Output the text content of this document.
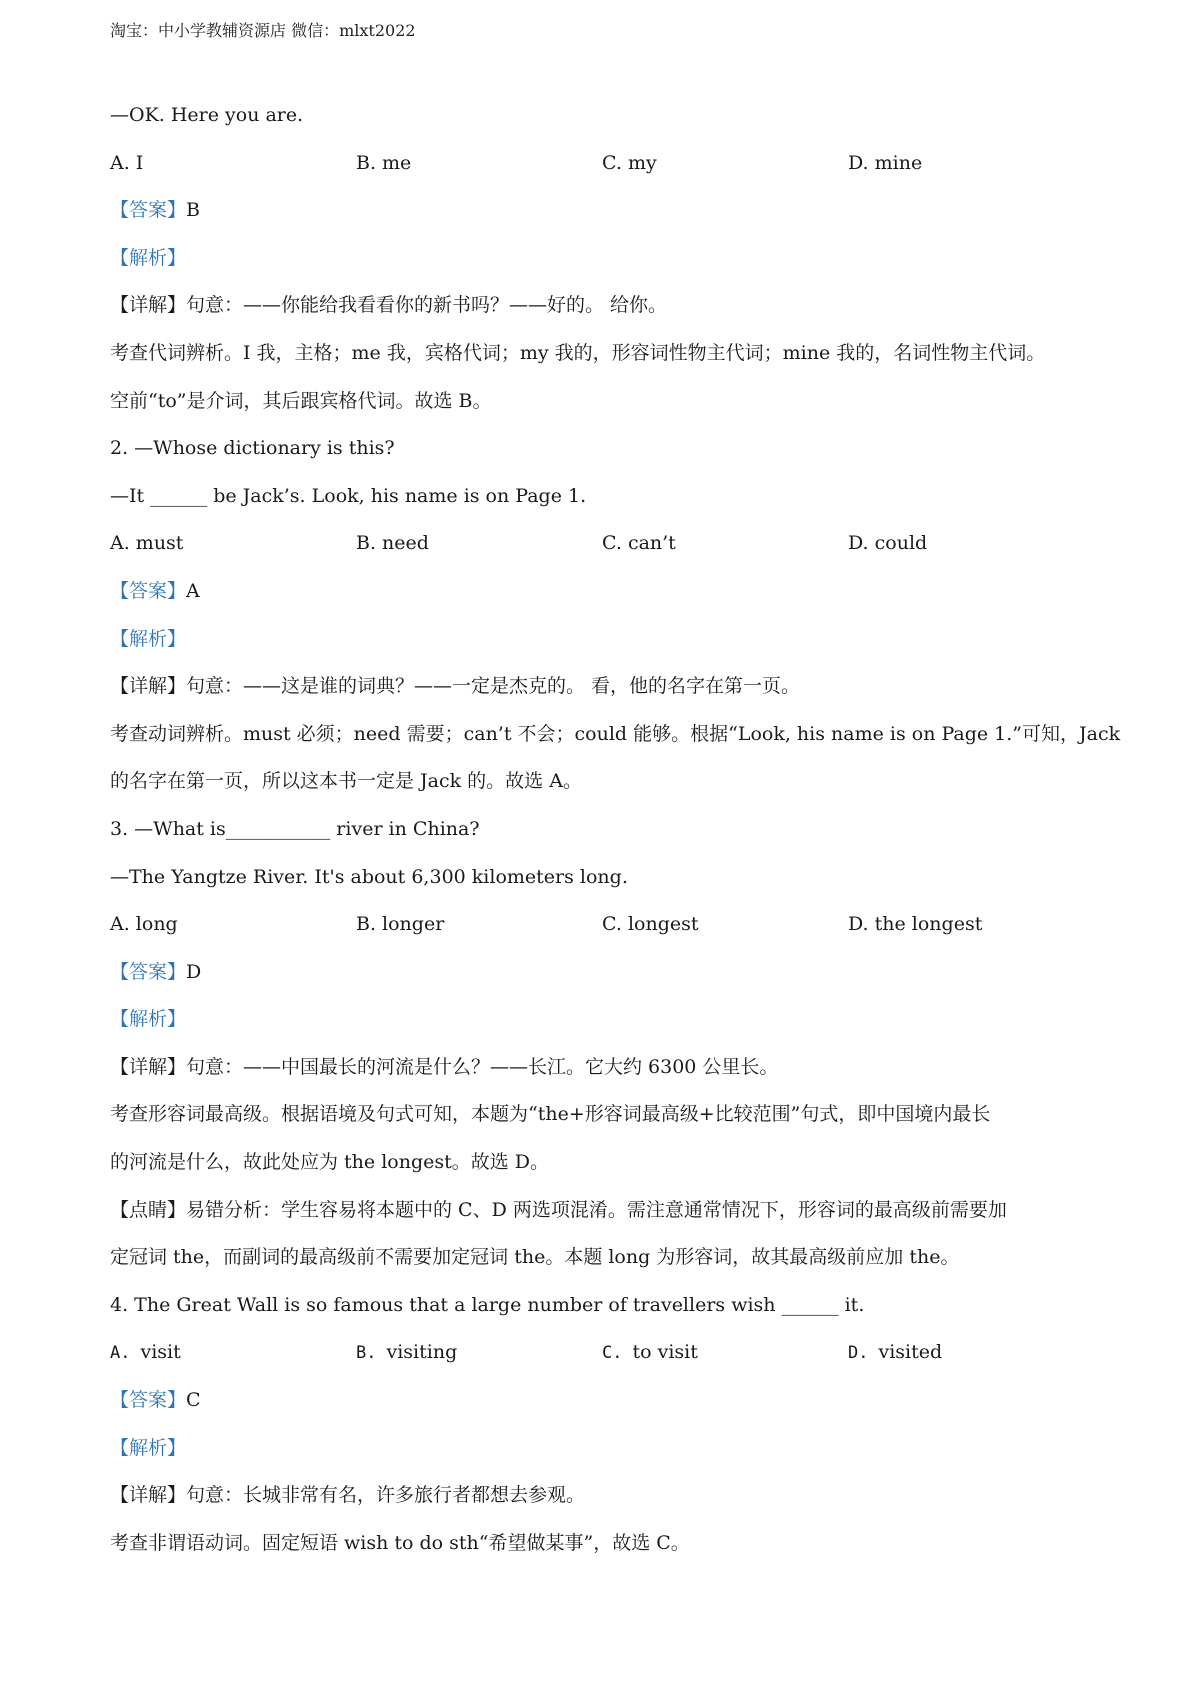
淘宝：中小学教辅资源店 微信：mlxt2022
—OK. Here you are.
A. I	B. me	C. my	D. mine
【答案】B
【解析】
【详解】句意：——你能给我看看你的新书吗？——好的。 给你。
考查代词辨析。I 我，主格；me 我，宾格代词；my 我的，形容词性物主代词；mine 我的，名词性物主代词。
空前“to”是介词，其后跟宾格代词。故选 B。
2. —Whose dictionary is this?
—It ______ be Jack’s. Look, his name is on Page 1.
A. must	B. need	C. can’t	D. could
【答案】A
【解析】
【详解】句意：——这是谁的词典？——一定是杰克的。 看，他的名字在第一页。
考查动词辨析。must 必须；need 需要；can’t 不会；could 能够。根据“Look, his name is on Page 1.”可知，Jack
的名字在第一页，所以这本书一定是 Jack 的。故选 A。
3. —What is___________ river in China?
—The Yangtze River. It's about 6,300 kilometers long.
A. long	B. longer	C. longest	D. the longest
【答案】D
【解析】
【详解】句意：——中国最长的河流是什么？——长江。它大约 6300 公里长。
考查形容词最高级。根据语境及句式可知，本题为“the+形容词最高级+比较范围”句式，即中国境内最长
的河流是什么，故此处应为 the longest。故选 D。
【点睛】易错分析：学生容易将本题中的 C、D 两选项混淆。需注意通常情况下，形容词的最高级前需要加
定冠词 the，而副词的最高级前不需要加定冠词 the。本题 long 为形容词，故其最高级前应加 the。
4. The Great Wall is so famous that a large number of travellers wish ______ it.
A. visit	B. visiting	C. to visit	D. visited
【答案】C
【解析】
【详解】句意：长城非常有名，许多旅行者都想去参观。
考查非谓语动词。固定短语 wish to do sth“希望做某事”，故选 C。
